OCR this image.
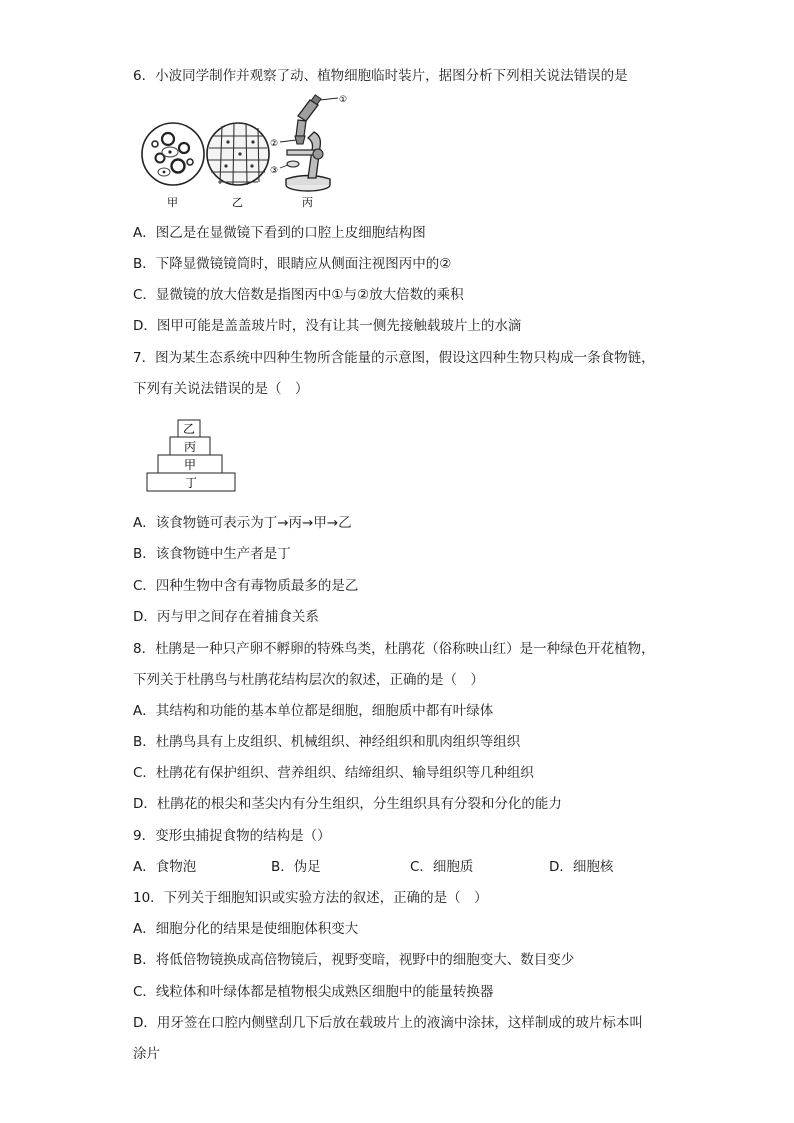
6．小波同学制作并观察了动、植物细胞临时装片，据图分析下列相关说法错误的是
①
②
③
甲	乙	丙
A．图乙是在显微镜下看到的口腔上皮细胞结构图
B．下降显微镜镜筒时，眼睛应从侧面注视图丙中的②
C．显微镜的放大倍数是指图丙中①与②放大倍数的乘积
D．图甲可能是盖盖玻片时，没有让其一侧先接触载玻片上的水滴
7．图为某生态系统中四种生物所含能量的示意图，假设这四种生物只构成一条食物链，
下列有关说法错误的是（　）
乙
丙
甲
丁
A．该食物链可表示为丁→丙→甲→乙
B．该食物链中生产者是丁
C．四种生物中含有毒物质最多的是乙
D．丙与甲之间存在着捕食关系
8．杜鹃是一种只产卵不孵卵的特殊鸟类，杜鹃花（俗称映山红）是一种绿色开花植物，
下列关于杜鹃鸟与杜鹃花结构层次的叙述，正确的是（　）
A．其结构和功能的基本单位都是细胞，细胞质中都有叶绿体
B．杜鹃鸟具有上皮组织、机械组织、神经组织和肌肉组织等组织
C．杜鹃花有保护组织、营养组织、结缔组织、输导组织等几种组织
D．杜鹃花的根尖和茎尖内有分生组织，分生组织具有分裂和分化的能力
9．变形虫捕捉食物的结构是（）
A．食物泡	B．伪足	C．细胞质	D．细胞核
10．下列关于细胞知识或实验方法的叙述，正确的是（　）
A．细胞分化的结果是使细胞体积变大
B．将低倍物镜换成高倍物镜后，视野变暗，视野中的细胞变大、数目变少
C．线粒体和叶绿体都是植物根尖成熟区细胞中的能量转换器
D．用牙签在口腔内侧壁刮几下后放在载玻片上的液滴中涂抹，这样制成的玻片标本叫
涂片
